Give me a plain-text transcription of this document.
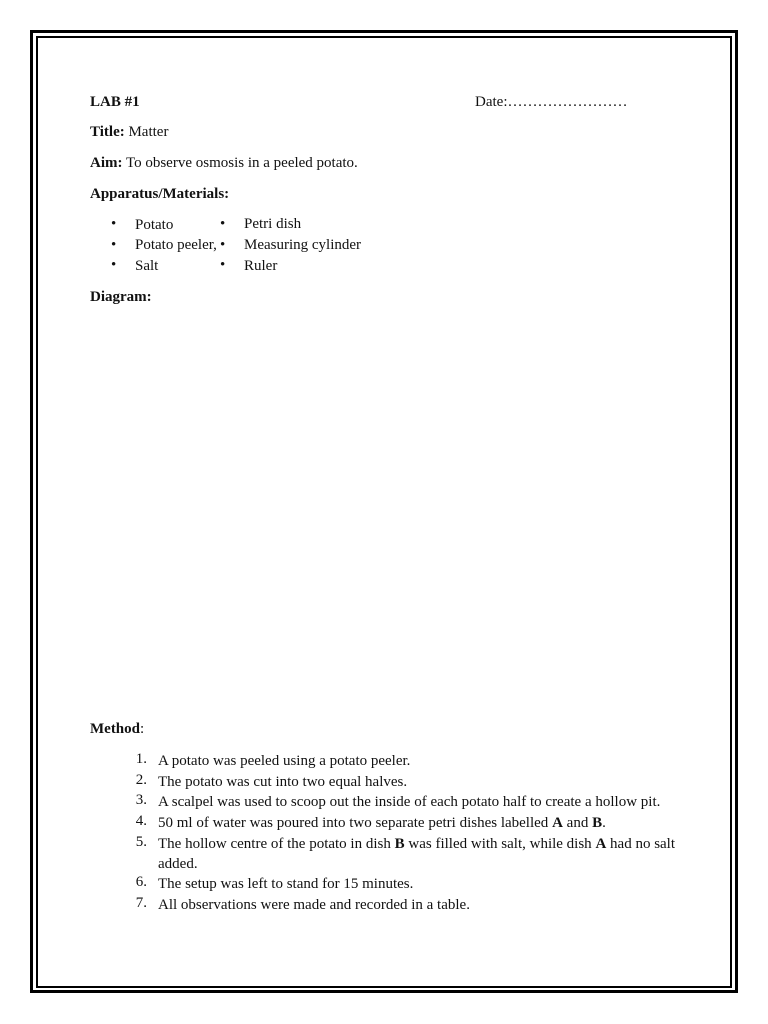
LAB #1	Date:……………………
Title: Matter
Aim: To observe osmosis in a peeled potato.
Apparatus/Materials:
• Potato
• Potato peeler,
• Salt
• Petri dish
• Measuring cylinder
• Ruler
Diagram:
Method:
1. A potato was peeled using a potato peeler.
2. The potato was cut into two equal halves.
3. A scalpel was used to scoop out the inside of each potato half to create a hollow pit.
4. 50 ml of water was poured into two separate petri dishes labelled A and B.
5. The hollow centre of the potato in dish B was filled with salt, while dish A had no salt added.
6. The setup was left to stand for 15 minutes.
7. All observations were made and recorded in a table.
